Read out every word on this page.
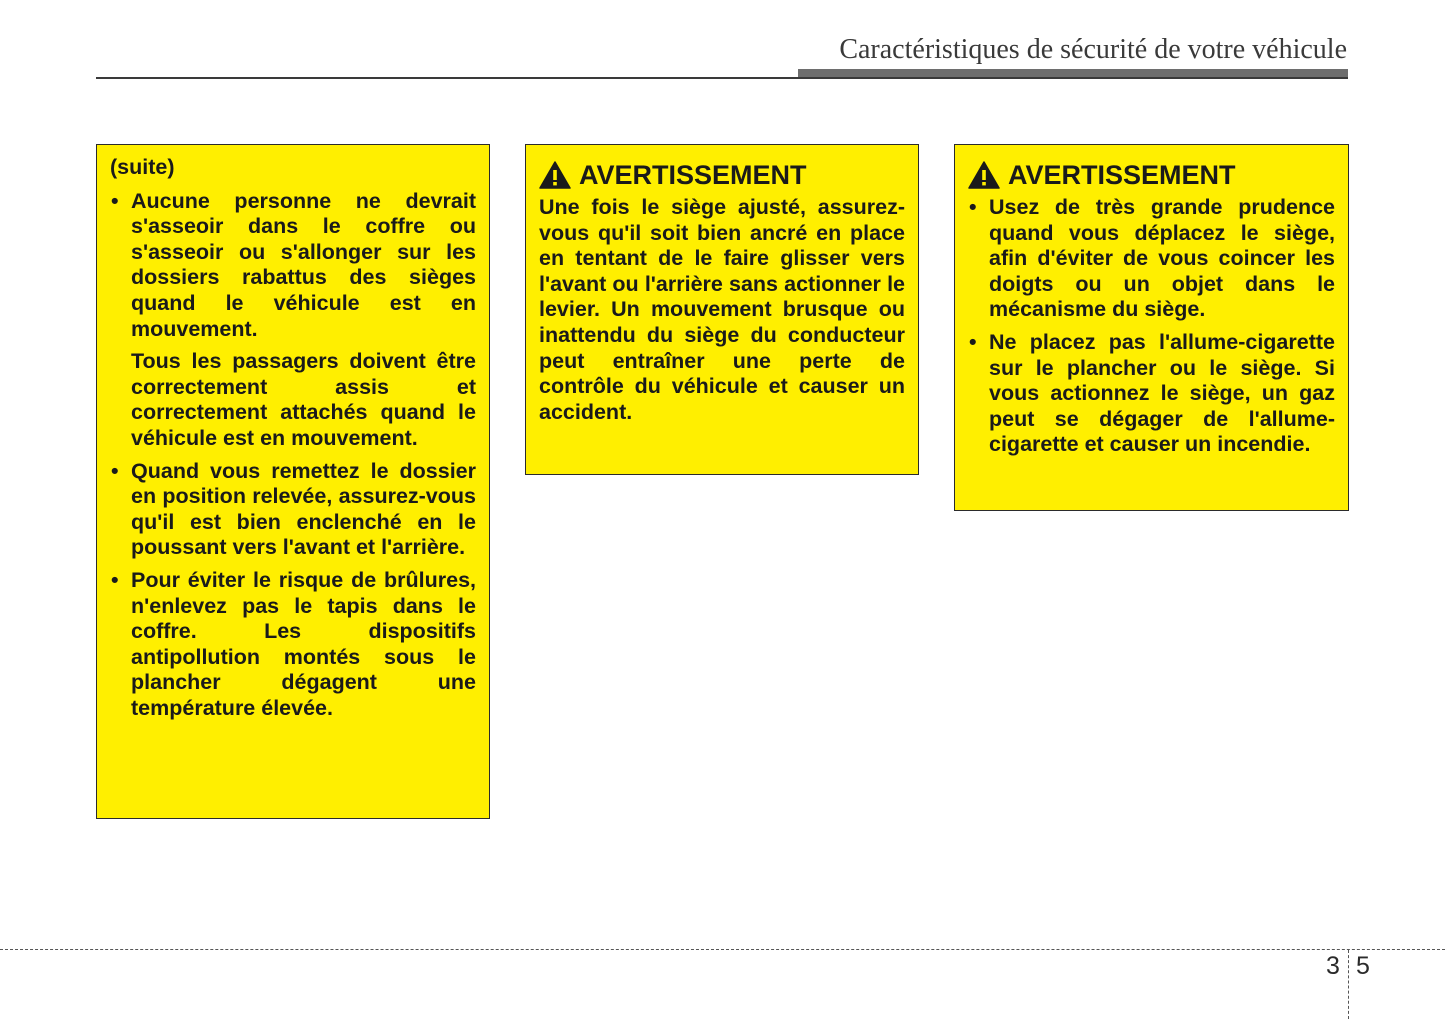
Caractéristiques de sécurité de votre véhicule
(suite)
• Aucune personne ne devrait s'asseoir dans le coffre ou s'asseoir ou s'allonger sur les dossiers rabattus des sièges quand le véhicule est en mouvement.
Tous les passagers doivent être correctement assis et correctement attachés quand le véhicule est en mouvement.
• Quand vous remettez le dossier en position relevée, assurez-vous qu'il est bien enclenché en le poussant vers l'avant et l'arrière.
• Pour éviter le risque de brûlures, n'enlevez pas le tapis dans le coffre. Les dispositifs antipollution montés sous le plancher dégagent une température élevée.
AVERTISSEMENT

Une fois le siège ajusté, assurez-vous qu'il soit bien ancré en place en tentant de le faire glisser vers l'avant ou l'arrière sans actionner le levier. Un mouvement brusque ou inattendu du siège du conducteur peut entraîner une perte de contrôle du véhicule et causer un accident.

AVERTISSEMENT
• Usez de très grande prudence quand vous déplacez le siège, afin d'éviter de vous coincer les doigts ou un objet dans le mécanisme du siège.
• Ne placez pas l'allume-cigarette sur le plancher ou le siège. Si vous actionnez le siège, un gaz peut se dégager de l'allume-cigarette et causer un incendie.
3 5
